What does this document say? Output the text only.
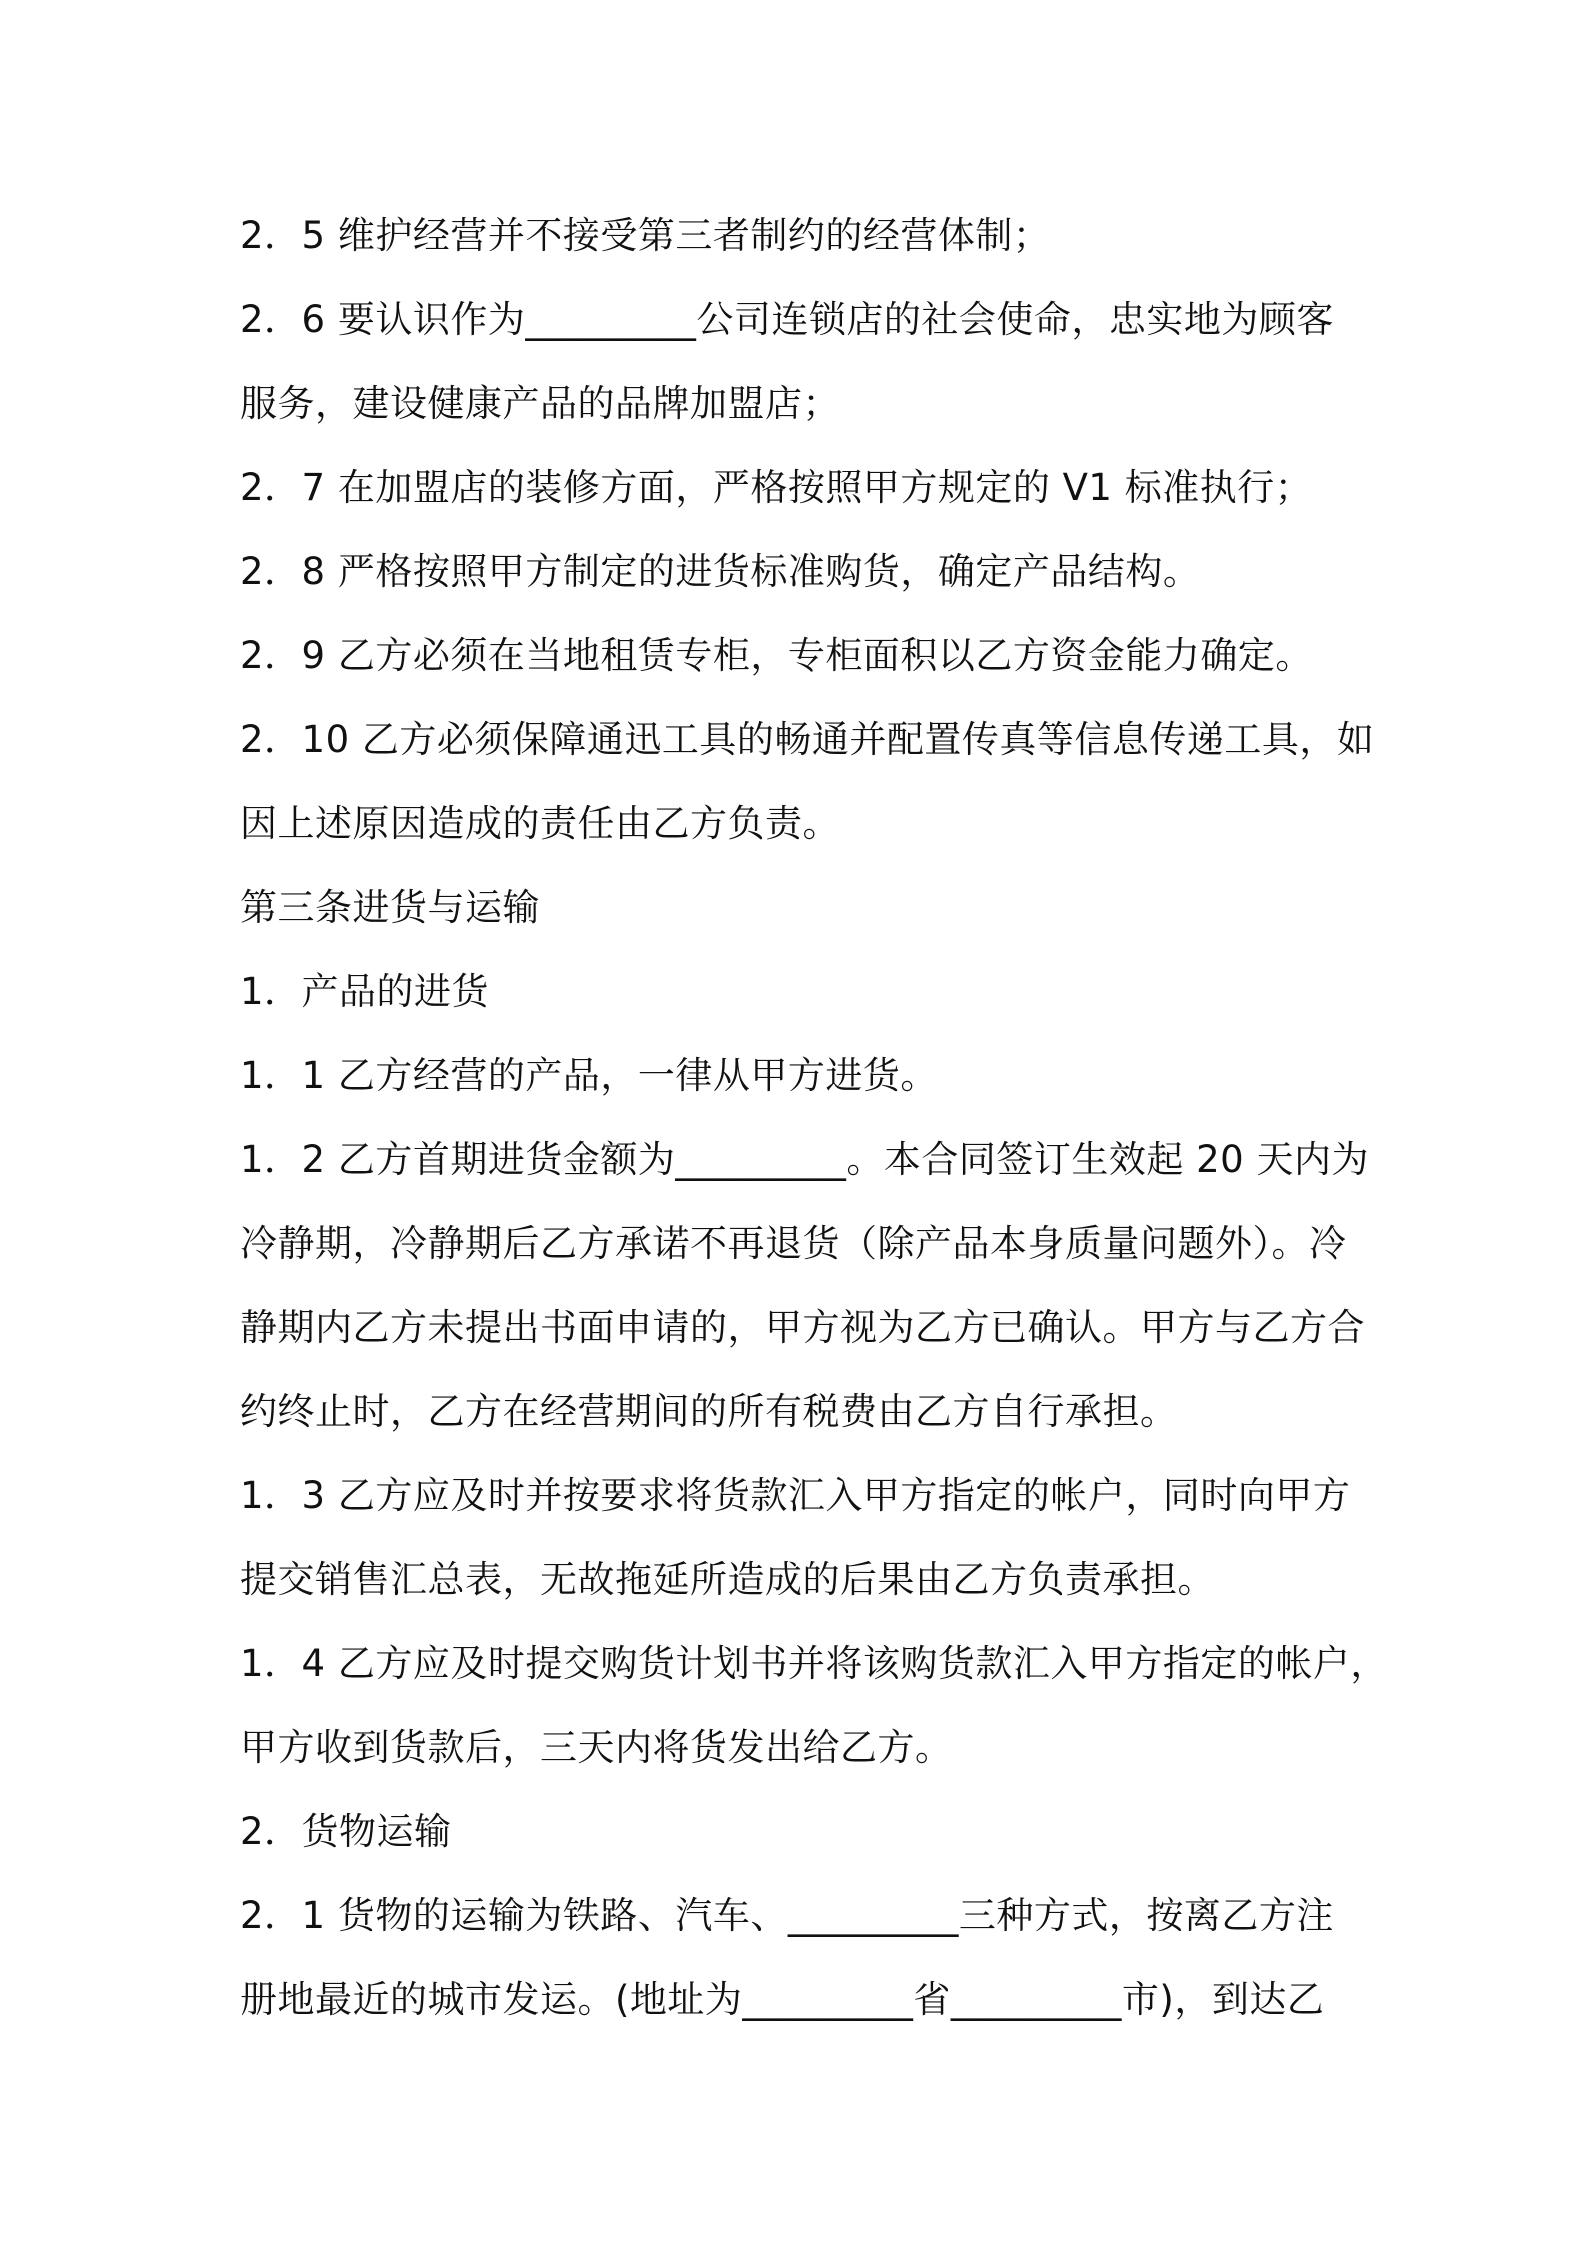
2．5 维护经营并不接受第三者制约的经营体制；
2．6 要认识作为_________公司连锁店的社会使命，忠实地为顾客
服务，建设健康产品的品牌加盟店；
2．7 在加盟店的装修方面，严格按照甲方规定的 V1 标准执行；
2．8 严格按照甲方制定的进货标准购货，确定产品结构。
2．9 乙方必须在当地租赁专柜，专柜面积以乙方资金能力确定。
2．10 乙方必须保障通迅工具的畅通并配置传真等信息传递工具，如
因上述原因造成的责任由乙方负责。
第三条进货与运输
1．产品的进货
1．1 乙方经营的产品，一律从甲方进货。
1．2 乙方首期进货金额为_________。本合同签订生效起 20 天内为
冷静期，冷静期后乙方承诺不再退货（除产品本身质量问题外）。冷
静期内乙方未提出书面申请的，甲方视为乙方已确认。甲方与乙方合
约终止时，乙方在经营期间的所有税费由乙方自行承担。
1．3 乙方应及时并按要求将货款汇入甲方指定的帐户，同时向甲方
提交销售汇总表，无故拖延所造成的后果由乙方负责承担。
1．4 乙方应及时提交购货计划书并将该购货款汇入甲方指定的帐户，
甲方收到货款后，三天内将货发出给乙方。
2．货物运输
2．1 货物的运输为铁路、汽车、_________三种方式，按离乙方注
册地最近的城市发运。(地址为_________省_________市)，到达乙
